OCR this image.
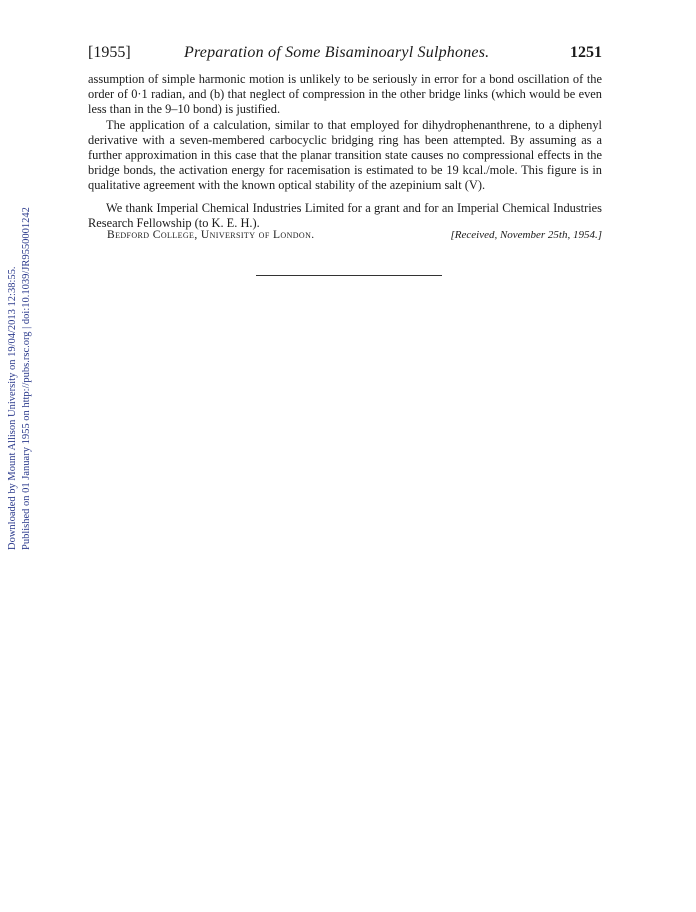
Downloaded by Mount Allison University on 19/04/2013 12:38:55. Published on 01 January 1955 on http://pubs.rsc.org | doi:10.1039/JR9550001242
[1955]	Preparation of Some Bisaminoaryl Sulphones.	1251

assumption of simple harmonic motion is unlikely to be seriously in error for a bond oscillation of the order of 0·1 radian, and (b) that neglect of compression in the other bridge links (which would be even less than in the 9–10 bond) is justified.

The application of a calculation, similar to that employed for dihydrophenanthrene, to a diphenyl derivative with a seven-membered carbocyclic bridging ring has been attempted. By assuming as a further approximation in this case that the planar transition state causes no compressional effects in the bridge bonds, the activation energy for racemisation is estimated to be 19 kcal./mole. This figure is in qualitative agreement with the known optical stability of the azepinium salt (V).

We thank Imperial Chemical Industries Limited for a grant and for an Imperial Chemical Industries Research Fellowship (to K. E. H.).

Bedford College, University of London.	[Received, November 25th, 1954.]
